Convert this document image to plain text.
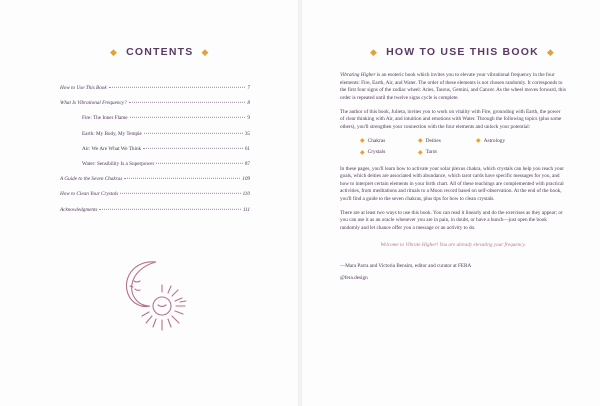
◆ CONTENTS ◆
How to Use This Book	7
What Is Vibrational Frequency?	8
Fire: The Inner Flame	9
Earth: My Body, My Temple	35
Air: We Are What We Think	61
Water: Sensibility Is a Superpower	87
A Guide to the Seven Chakras	109
How to Clean Your Crystals	110
Acknowledgments	111
◆ HOW TO USE THIS BOOK ◆

Vibrating Higher is an esoteric book which invites you to elevate your vibrational frequency in the four elements: Fire, Earth, Air, and Water. The order of these elements is not chosen randomly. It corresponds to the first four signs of the zodiac wheel: Aries, Taurus, Gemini, and Cancer. As the wheel moves forward, this order is repeated until the twelve signs cycle is complete.

The author of this book, Julieta, invites you to work on vitality with Fire, grounding with Earth, the power of clear thinking with Air, and intuition and emotions with Water. Through the following topics (plus some others), you'll strengthen your connection with the four elements and unlock your potential:

◆ Chakras	◆ Deities	◆ Astrology
◆ Crystals	◆ Tarot

In these pages, you'll learn how to activate your solar plexus chakra, which crystals can help you reach your goals, which deities are associated with abundance, which tarot cards have specific messages for you, and how to interpret certain elements in your birth chart. All of these teachings are complemented with practical activities, from meditations and rituals to a Moon record based on self-observation. At the end of the book, you'll find a guide to the seven chakras, plus tips for how to clean crystals.

There are at least two ways to use this book. You can read it linearly and do the exercises as they appear; or you can use it as an oracle whenever you are in pain, in doubt, or have a hunch—just open the book randomly and let chance offer you a message or an activity to do.

Welcome to Vibrate Higher! You are already elevating your frequency.

—Mara Parra and Victoria Bensim, editor and curator at FERA

@fera.design
